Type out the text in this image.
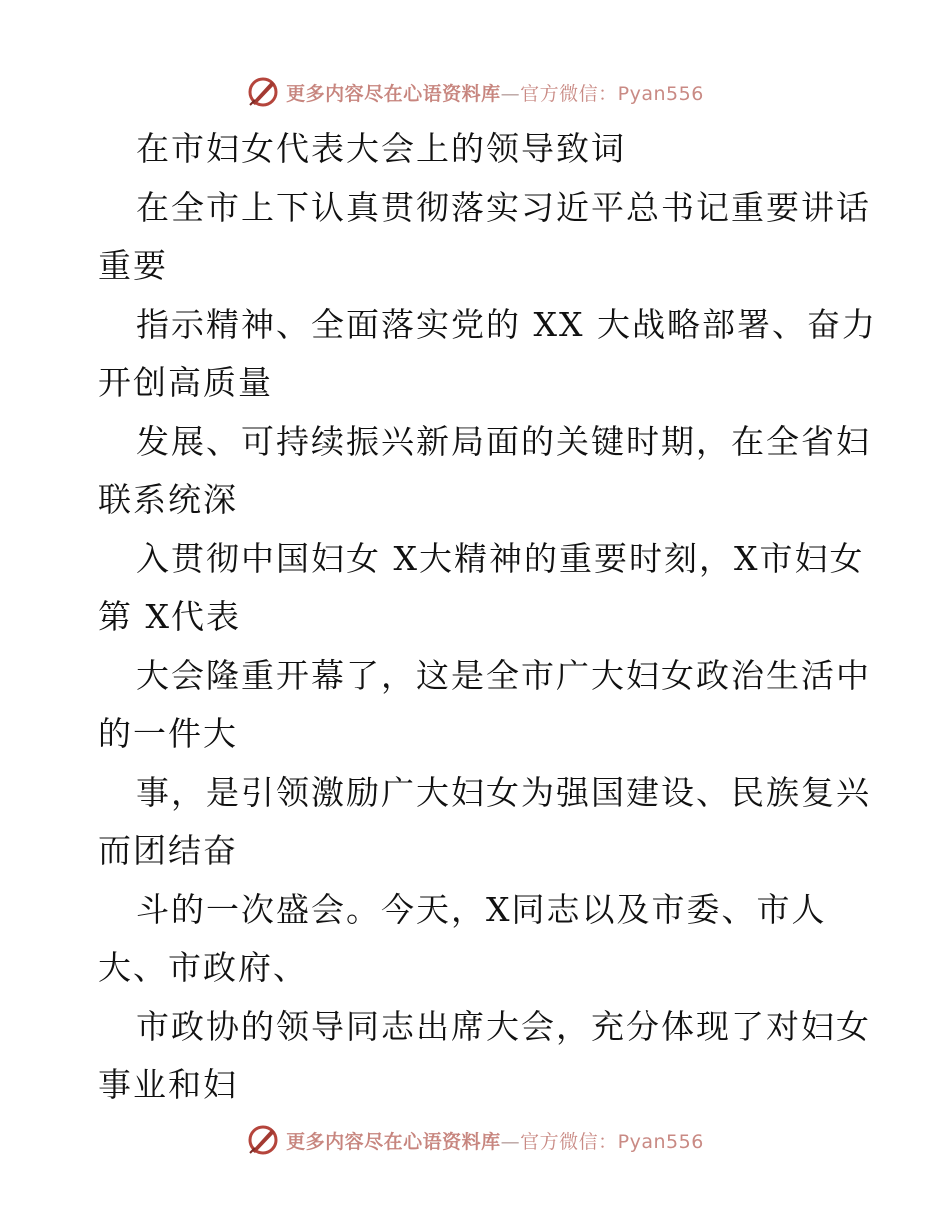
更多内容尽在心语资料库—官方微信：Pyan556
在市妇女代表大会上的领导致词
在全市上下认真贯彻落实习近平总书记重要讲话
重要
指示精神、全面落实党的 XX 大战略部署、奋力
开创高质量
发展、可持续振兴新局面的关键时期，在全省妇
联系统深
入贯彻中国妇女 X大精神的重要时刻，X市妇女
第 X代表
大会隆重开幕了，这是全市广大妇女政治生活中
的一件大
事，是引领激励广大妇女为强国建设、民族复兴
而团结奋
斗的一次盛会。今天，X同志以及市委、市人
大、市政府、
市政协的领导同志出席大会，充分体现了对妇女
事业和妇
更多内容尽在心语资料库—官方微信：Pyan556
